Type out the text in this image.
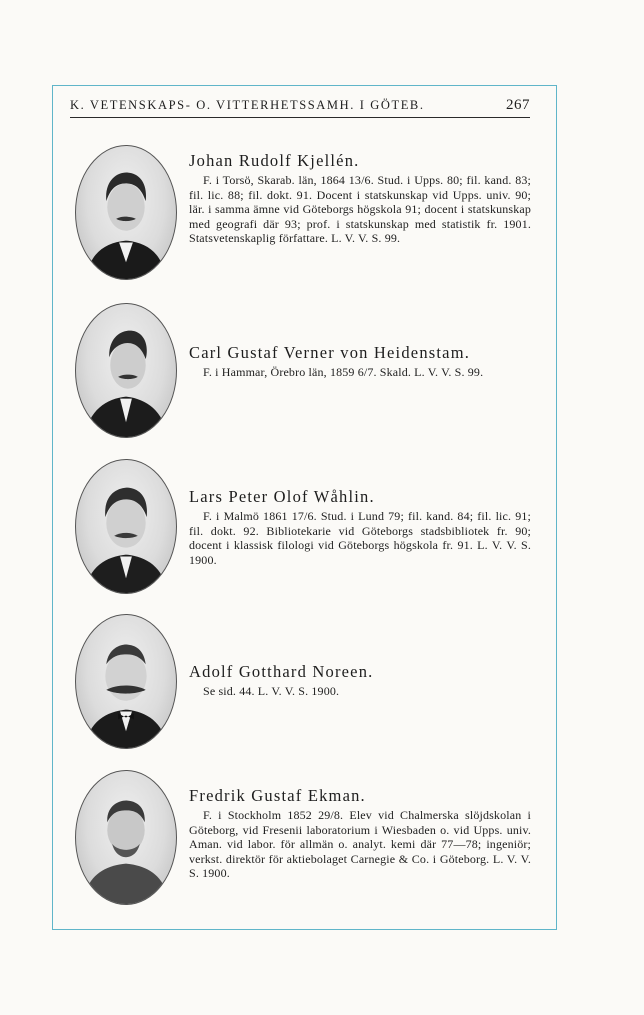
K. VETENSKAPS- O. VITTERHETSSAMH. I GÖTEB.	267
Johan Rudolf Kjellén.
F. i Torsö, Skarab. län, 1864 13/6. Stud. i Upps. 80; fil. kand. 83; fil. lic. 88; fil. dokt. 91. Docent i statskunskap vid Upps. univ. 90; lär. i samma ämne vid Göteborgs högskola 91; docent i statskunskap med geografi där 93; prof. i statskunskap med statistik fr. 1901. Statsvetenskaplig författare. L. V. V. S. 99.
Carl Gustaf Verner von Heidenstam.
F. i Hammar, Örebro län, 1859 6/7. Skald. L. V. V. S. 99.
Lars Peter Olof Wåhlin.
F. i Malmö 1861 17/6. Stud. i Lund 79; fil. kand. 84; fil. lic. 91; fil. dokt. 92. Bibliotekarie vid Göteborgs stadsbibliotek fr. 90; docent i klassisk filologi vid Göteborgs högskola fr. 91. L. V. V. S. 1900.
Adolf Gotthard Noreen.
Se sid. 44. L. V. V. S. 1900.
Fredrik Gustaf Ekman.
F. i Stockholm 1852 29/8. Elev vid Chalmerska slöjdskolan i Göteborg, vid Fresenii laboratorium i Wiesbaden o. vid Upps. univ. Aman. vid labor. för allmän o. analyt. kemi där 77—78; ingeniör; verkst. direktör för aktiebolaget Carnegie & Co. i Göteborg. L. V. V. S. 1900.
